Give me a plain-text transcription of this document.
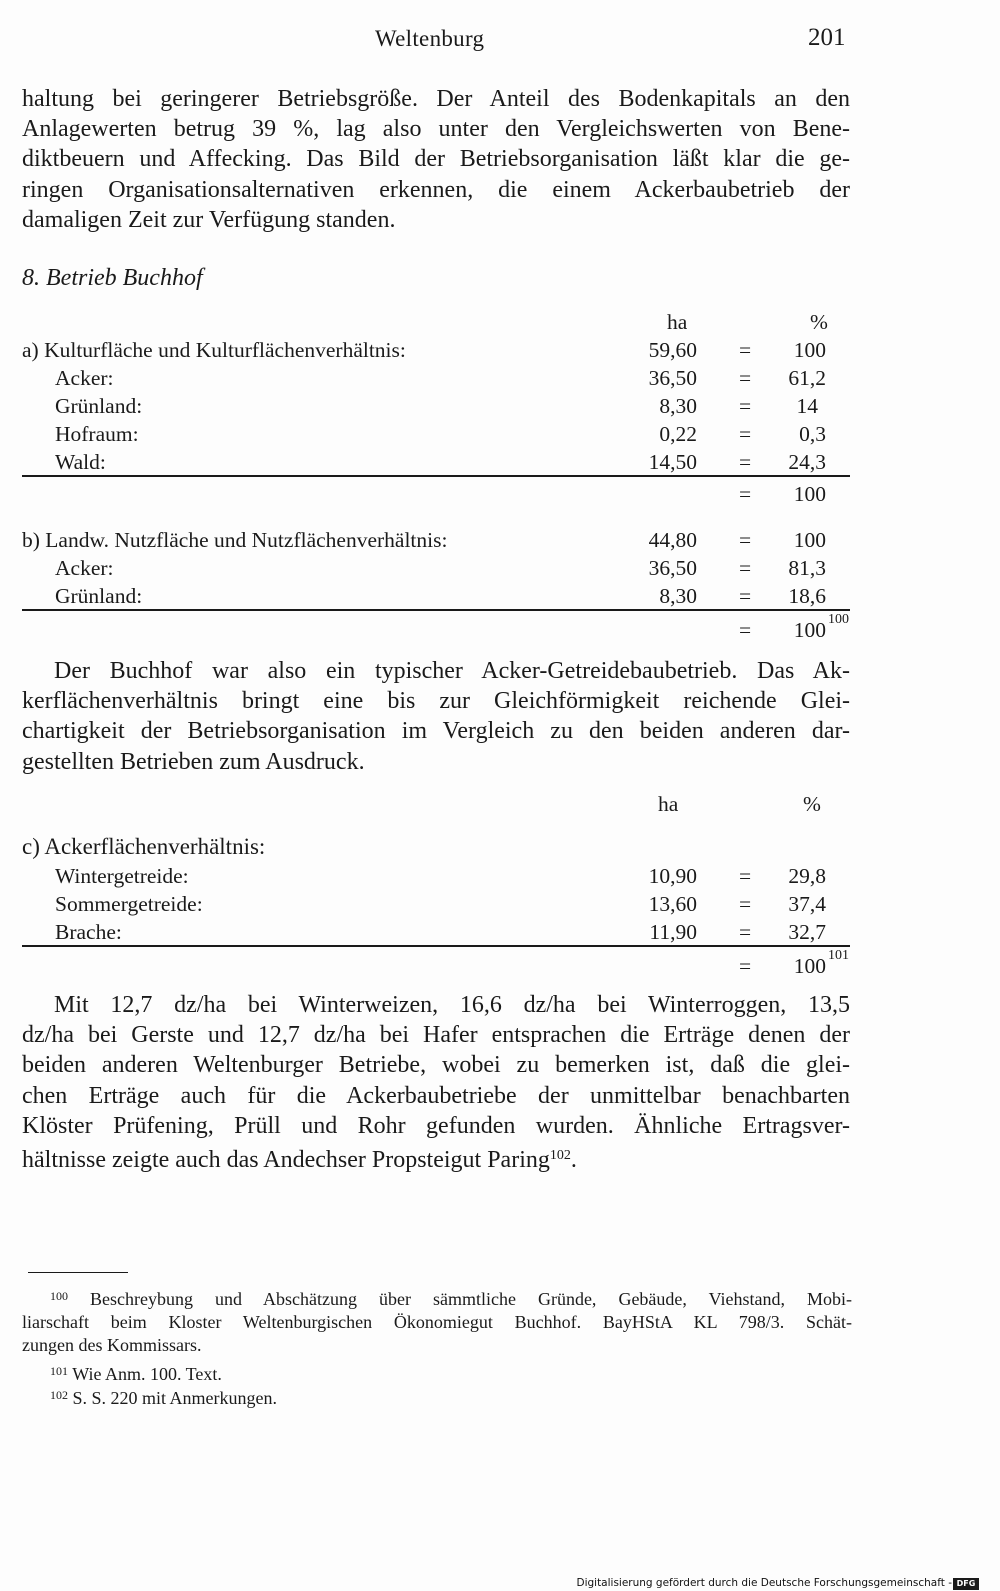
Weltenburg	201
haltung bei geringerer Betriebsgröße. Der Anteil des Bodenkapitals an den
Anlagewerten betrug 39 %, lag also unter den Vergleichswerten von Bene-
diktbeuern und Affecking. Das Bild der Betriebsorganisation läßt klar die ge-
ringen Organisationsalternativen erkennen, die einem Ackerbaubetrieb der
damaligen Zeit zur Verfügung standen.
8. Betrieb Buchhof
ha	%
a) Kulturfläche und Kulturflächenverhältnis:	59,60 = 100
Acker:	36,50 = 61,2
Grünland:	8,30 = 14
Hofraum:	0,22 = 0,3
Wald:	14,50 = 24,3
= 100
b) Landw. Nutzfläche und Nutzflächenverhältnis:	44,80 = 100
Acker:	36,50 = 81,3
Grünland:	8,30 = 18,6
= 100 100
Der Buchhof war also ein typischer Acker-Getreidebaubetrieb. Das Ak-
kerflächenverhältnis bringt eine bis zur Gleichförmigkeit reichende Glei-
chartigkeit der Betriebsorganisation im Vergleich zu den beiden anderen dar-
gestellten Betrieben zum Ausdruck.
ha	%
c) Ackerflächenverhältnis:
Wintergetreide:	10,90 = 29,8
Sommergetreide:	13,60 = 37,4
Brache:	11,90 = 32,7
= 100 101
Mit 12,7 dz/ha bei Winterweizen, 16,6 dz/ha bei Winterroggen, 13,5
dz/ha bei Gerste und 12,7 dz/ha bei Hafer entsprachen die Erträge denen der
beiden anderen Weltenburger Betriebe, wobei zu bemerken ist, daß die glei-
chen Erträge auch für die Ackerbaubetriebe der unmittelbar benachbarten
Klöster Prüfening, Prüll und Rohr gefunden wurden. Ähnliche Ertragsver-
hältnisse zeigte auch das Andechser Propsteigut Paring$^{102}$.
$^{100}$ Beschreybung und Abschätzung über sämmtliche Gründe, Gebäude, Viehstand, Mobi-
liarschaft beim Kloster Weltenburgischen Ökonomiegut Buchhof. BayHStA KL 798/3. Schät-
zungen des Kommissars.
$^{101}$ Wie Anm. 100. Text.
$^{102}$ S. S. 220 mit Anmerkungen.
Digitalisierung gefördert durch die Deutsche Forschungsgemeinschaft - DFG
